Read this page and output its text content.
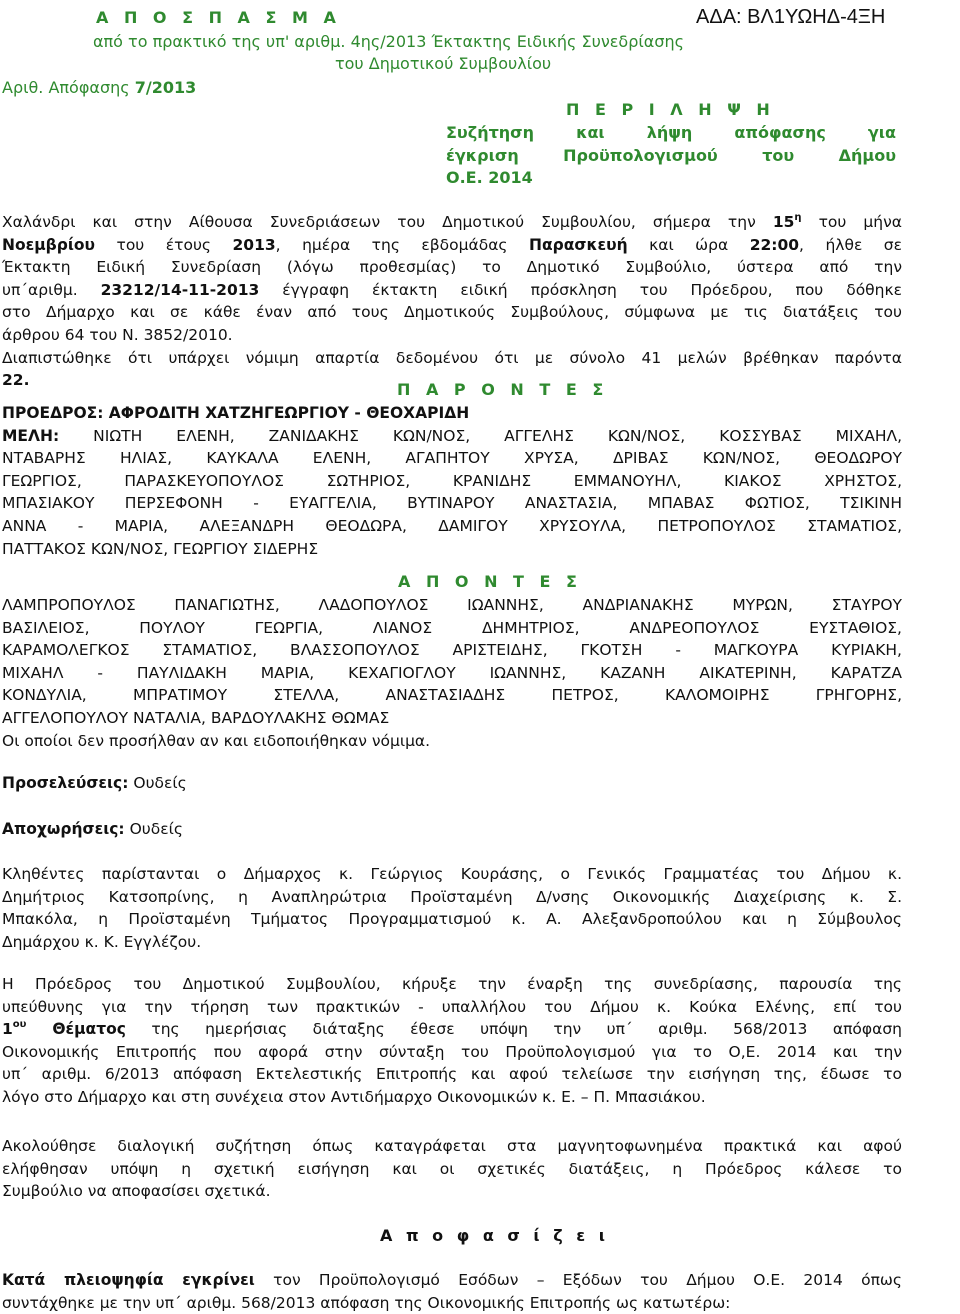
Α Π Ο Σ Π Α Σ Μ Α	ΑΔΑ: ΒΛ1ΥΩΗΔ-4ΞΗ
από το πρακτικό της υπ' αριθμ. 4ης/2013 Έκτακτης Ειδικής Συνεδρίασης
του Δημοτικού Συμβουλίου
Αριθ. Απόφασης 7/2013
Π Ε Ρ Ι Λ Η Ψ Η
Συζήτηση και λήψη απόφασης για
έγκριση Προϋπολογισμού του Δήμου
Ο.Ε. 2014
Χαλάνδρι και στην Αίθουσα Συνεδριάσεων του Δημοτικού Συμβουλίου, σήμερα την $15^\eta$ του μήνα
Νοεμβρίου του έτους 2013, ημέρα της εβδομάδας Παρασκευή και ώρα 22:00, ήλθε σε
Έκτακτη Ειδική Συνεδρίαση (λόγω προθεσμίας) το Δημοτικό Συμβούλιο, ύστερα από την
υπ΄αριθμ. 23212/14-11-2013 έγγραφη έκτακτη ειδική πρόσκληση του Πρόεδρου, που δόθηκε
στο Δήμαρχο και σε κάθε έναν από τους Δημοτικούς Συμβούλους, σύμφωνα με τις διατάξεις του
άρθρου 64 του Ν. 3852/2010.
Διαπιστώθηκε ότι υπάρχει νόμιμη απαρτία δεδομένου ότι με σύνολο 41 μελών βρέθηκαν παρόντα
22.	Π Α Ρ Ο Ν Τ Ε Σ
ΠΡΟΕΔΡΟΣ: ΑΦΡΟΔΙΤΗ ΧΑΤΖΗΓΕΩΡΓΙΟΥ - ΘΕΟΧΑΡΙΔΗ
ΜΕΛΗ: ΝΙΩΤΗ ΕΛΕΝΗ, ΖΑΝΙΔΑΚΗΣ ΚΩΝ/ΝΟΣ, ΑΓΓΕΛΗΣ ΚΩΝ/ΝΟΣ, ΚΟΣΣΥΒΑΣ ΜΙΧΑΗΛ,
ΝΤΑΒΑΡΗΣ ΗΛΙΑΣ, ΚΑΥΚΑΛΑ ΕΛΕΝΗ, ΑΓΑΠΗΤΟΥ ΧΡΥΣΑ, ΔΡΙΒΑΣ ΚΩΝ/ΝΟΣ, ΘΕΟΔΩΡΟΥ
ΓΕΩΡΓΙΟΣ, ΠΑΡΑΣΚΕΥΟΠΟΥΛΟΣ ΣΩΤΗΡΙΟΣ, ΚΡΑΝΙΔΗΣ ΕΜΜΑΝΟΥΗΛ, ΚΙΑΚΟΣ ΧΡΗΣΤΟΣ,
ΜΠΑΣΙΑΚΟΥ ΠΕΡΣΕΦΟΝΗ - ΕΥΑΓΓΕΛΙΑ, ΒΥΤΙΝΑΡΟΥ ΑΝΑΣΤΑΣΙΑ, ΜΠΑΒΑΣ ΦΩΤΙΟΣ, ΤΣΙΚΙΝΗ
ΑΝΝΑ - ΜΑΡΙΑ, ΑΛΕΞΑΝΔΡΗ ΘΕΟΔΩΡΑ, ΔΑΜΙΓΟΥ ΧΡΥΣΟΥΛΑ, ΠΕΤΡΟΠΟΥΛΟΣ ΣΤΑΜΑΤΙΟΣ,
ΠΑΤΤΑΚΟΣ ΚΩΝ/ΝΟΣ, ΓΕΩΡΓΙΟΥ ΣΙΔΕΡΗΣ
Α Π Ο Ν Τ Ε Σ
ΛΑΜΠΡΟΠΟΥΛΟΣ ΠΑΝΑΓΙΩΤΗΣ, ΛΑΔΟΠΟΥΛΟΣ ΙΩΑΝΝΗΣ, ΑΝΔΡΙΑΝΑΚΗΣ ΜΥΡΩΝ, ΣΤΑΥΡΟΥ
ΒΑΣΙΛΕΙΟΣ, ΠΟΥΛΟΥ ΓΕΩΡΓΙΑ, ΛΙΑΝΟΣ ΔΗΜΗΤΡΙΟΣ, ΑΝΔΡΕΟΠΟΥΛΟΣ ΕΥΣΤΑΘΙΟΣ,
ΚΑΡΑΜΟΛΕΓΚΟΣ ΣΤΑΜΑΤΙΟΣ, ΒΛΑΣΣΟΠΟΥΛΟΣ ΑΡΙΣΤΕΙΔΗΣ, ΓΚΟΤΣΗ - ΜΑΓΚΟΥΡΑ ΚΥΡΙΑΚΗ,
ΜΙΧΑΗΛ - ΠΑΥΛΙΔΑΚΗ ΜΑΡΙΑ, ΚΕΧΑΓΙΟΓΛΟΥ ΙΩΑΝΝΗΣ, ΚΑΖΑΝΗ ΑΙΚΑΤΕΡΙΝΗ, ΚΑΡΑΤΖΑ
ΚΟΝΔΥΛΙΑ, ΜΠΡΑΤΙΜΟΥ ΣΤΕΛΛΑ, ΑΝΑΣΤΑΣΙΑΔΗΣ ΠΕΤΡΟΣ, ΚΑΛΟΜΟΙΡΗΣ ΓΡΗΓΟΡΗΣ,
ΑΓΓΕΛΟΠΟΥΛΟΥ ΝΑΤΑΛΙΑ, ΒΑΡΔΟΥΛΑΚΗΣ ΘΩΜΑΣ
Οι οποίοι δεν προσήλθαν αν και ειδοποιήθηκαν νόμιμα.
Προσελεύσεις: Ουδείς
Αποχωρήσεις: Ουδείς
Κληθέντες παρίστανται ο Δήμαρχος κ. Γεώργιος Κουράσης, ο Γενικός Γραμματέας του Δήμου κ.
Δημήτριος Κατσοπρίνης, η Αναπληρώτρια Προϊσταμένη Δ/νσης Οικονομικής Διαχείρισης κ. Σ.
Μπακόλα, η Προϊσταμένη Τμήματος Προγραμματισμού κ. Α. Αλεξανδροπούλου και η Σύμβουλος
Δημάρχου κ. Κ. Εγγλέζου.
Η Πρόεδρος του Δημοτικού Συμβουλίου, κήρυξε την έναρξη της συνεδρίασης, παρουσία της
υπεύθυνης για την τήρηση των πρακτικών - υπαλλήλου του Δήμου κ. Κούκα Ελένης, επί του
$1^{o\upsilon}$ Θέματος της ημερήσιας διάταξης έθεσε υπόψη την υπ΄ αριθμ. 568/2013 απόφαση
Οικονομικής Επιτροπής που αφορά στην σύνταξη του Προϋπολογισμού για το Ο,Ε. 2014 και την
υπ΄ αριθμ. 6/2013 απόφαση Εκτελεστικής Επιτροπής και αφού τελείωσε την εισήγηση της, έδωσε το
λόγο στο Δήμαρχο και στη συνέχεια στον Αντιδήμαρχο Οικονομικών κ. Ε. – Π. Μπασιάκου.
Ακολούθησε διαλογική συζήτηση όπως καταγράφεται στα μαγνητοφωνημένα πρακτικά και αφού
ελήφθησαν υπόψη η σχετική εισήγηση και οι σχετικές διατάξεις, η Πρόεδρος κάλεσε το
Συμβούλιο να αποφασίσει σχετικά.
Α π ο φ α σ ί ζ ε ι
Κατά πλειοψηφία εγκρίνει τον Προϋπολογισμό Εσόδων – Εξόδων του Δήμου Ο.Ε. 2014 όπως
συντάχθηκε με την υπ΄ αριθμ. 568/2013 απόφαση της Οικονομικής Επιτροπής ως κατωτέρω:
